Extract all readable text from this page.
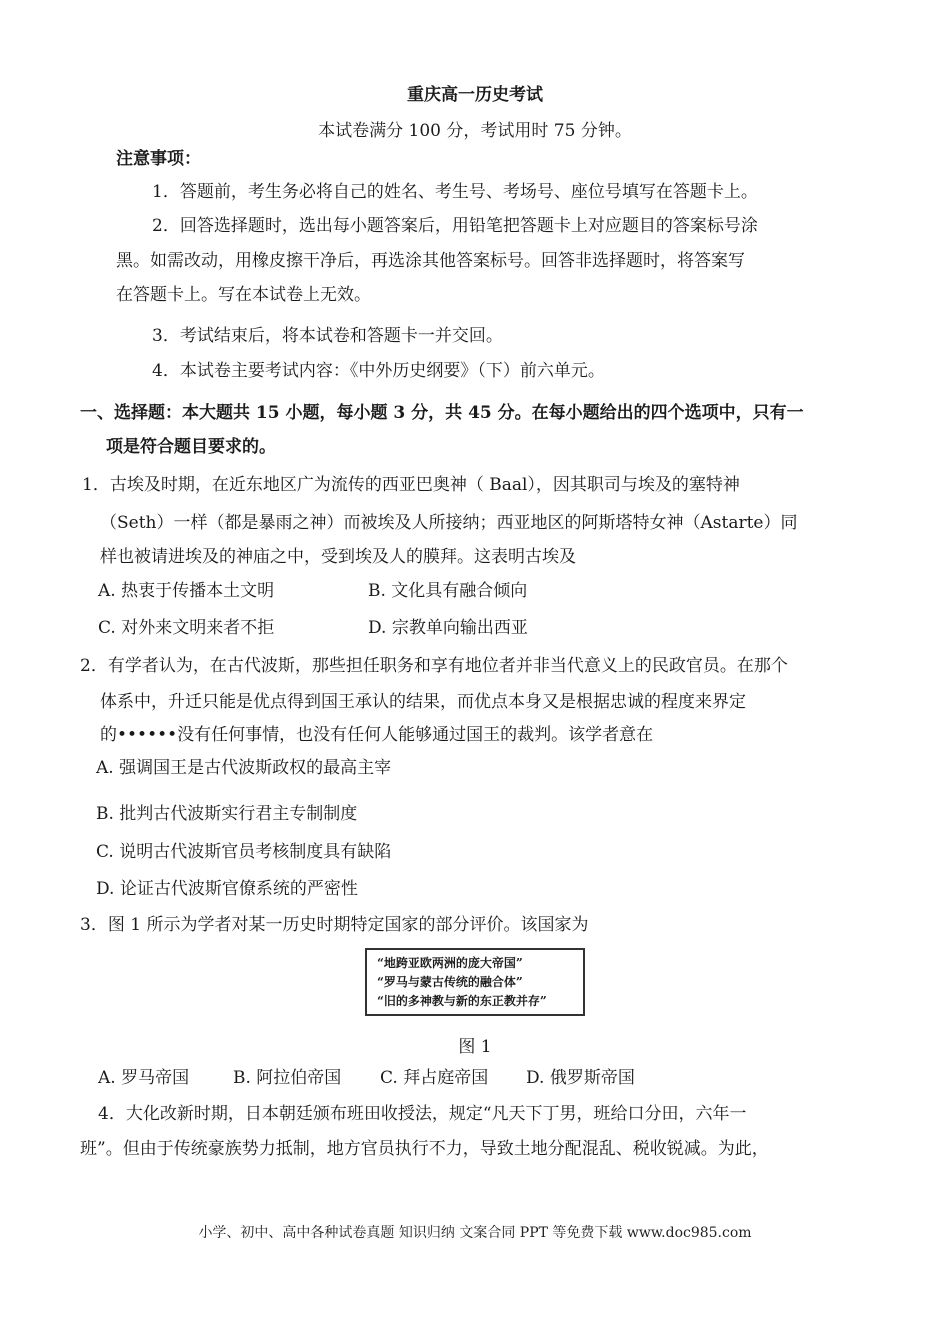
重庆高一历史考试
本试卷满分 100 分，考试用时 75 分钟。
注意事项：
1．答题前，考生务必将自己的姓名、考生号、考场号、座位号填写在答题卡上。
2．回答选择题时，选出每小题答案后，用铅笔把答题卡上对应题目的答案标号涂
黑。如需改动，用橡皮擦干净后，再选涂其他答案标号。回答非选择题时，将答案写
在答题卡上。写在本试卷上无效。
3．考试结束后，将本试卷和答题卡一并交回。
4．本试卷主要考试内容：《中外历史纲要》（下）前六单元。
一、选择题：本大题共 15 小题，每小题 3 分，共 45 分。在每小题给出的四个选项中，只有一
项是符合题目要求的。
1．古埃及时期，在近东地区广为流传的西亚巴奥神（ Baal），因其职司与埃及的塞特神
（Seth）一样（都是暴雨之神）而被埃及人所接纳；西亚地区的阿斯塔特女神（Astarte）同
样也被请进埃及的神庙之中，受到埃及人的膜拜。这表明古埃及
A. 热衷于传播本土文明	B. 文化具有融合倾向
C. 对外来文明来者不拒	D. 宗教单向输出西亚
2．有学者认为，在古代波斯，那些担任职务和享有地位者并非当代意义上的民政官员。在那个
体系中，升迁只能是优点得到国王承认的结果，而优点本身又是根据忠诚的程度来界定
的••••••没有任何事情，也没有任何人能够通过国王的裁判。该学者意在
A. 强调国王是古代波斯政权的最高主宰
B. 批判古代波斯实行君主专制制度
C. 说明古代波斯官员考核制度具有缺陷
D. 论证古代波斯官僚系统的严密性
3．图 1 所示为学者对某一历史时期特定国家的部分评价。该国家为
“地跨亚欧两洲的庞大帝国”
“罗马与蒙古传统的融合体”
“旧的多神教与新的东正教并存”
图 1
A. 罗马帝国	B. 阿拉伯帝国 C. 拜占庭帝国 D. 俄罗斯帝国
4．大化改新时期，日本朝廷颁布班田收授法，规定“凡天下丁男，班给口分田，六年一
班”。但由于传统豪族势力抵制，地方官员执行不力，导致土地分配混乱、税收锐减。为此，
小学、初中、高中各种试卷真题 知识归纳 文案合同 PPT 等免费下载 www.doc985.com
